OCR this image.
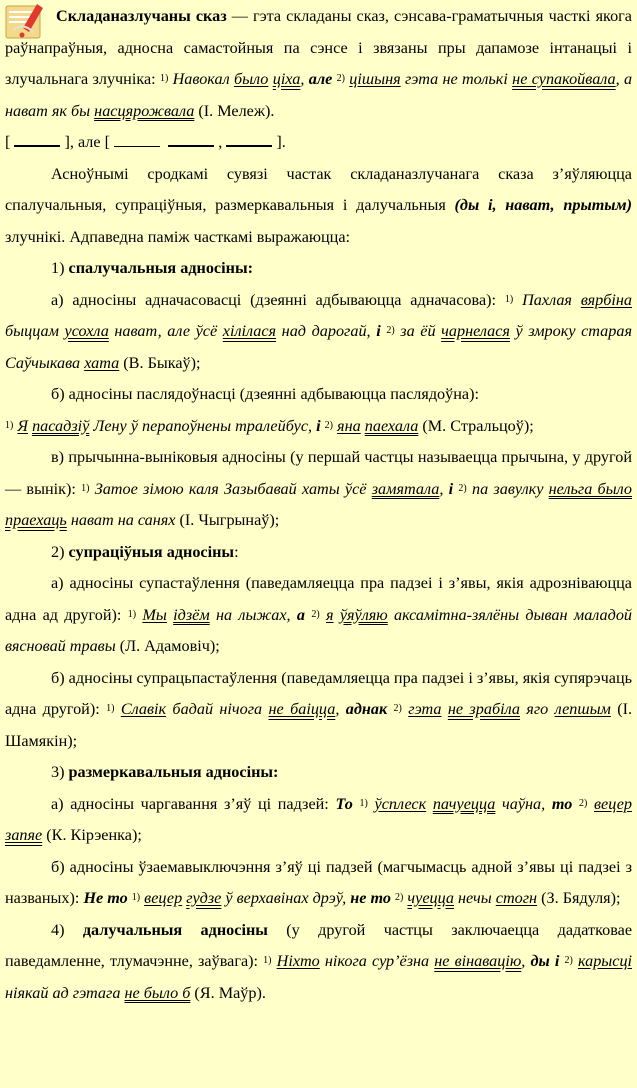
Складаназлучаны сказ — гэта складаны сказ, сэнсава-граматычныя часткі якога раўнапраўныя, адносна самастойныя па сэнсе і звязаны пры дапамозе інтанацыі і злучальнага злучніка: $^{1)}$ Навокал было ціха, але $^{2)}$ цішыня гэта не толькі не супакойвала, а нават як бы насцярожвала (І. Мележ).
[	], але [	,	].

Асноўнымі сродкамі сувязі частак складаназлучанага сказа з’яўляюцца спалучальныя, супраціўныя, размеркавальныя і далучальныя (ды і, нават, прытым) злучнікі. Адпаведна паміж часткамі выражаюцца:

1) спалучальныя адносіны:

а) адносіны адначасовасці (дзеянні адбываюцца адначасова): $^{1)}$ Пахлая вярбіна быццам усохла нават, але ўсё хілілася над дарогай, і $^{2)}$ за ёй чарнелася ў змроку старая Саўчыкава хата (В. Быкаў);

б) адносіны паслядоўнасці (дзеянні адбываюцца паслядоўна):
$^{1)}$ Я пасадзіў Лену ў перапоўнены тралейбус, і $^{2)}$ яна паехала (М. Стральцоў);

в) прычынна-выніковыя адносіны (у першай частцы называецца прычына, у другой — вынік): $^{1)}$ Затое зімою каля Зазыбавай хаты ўсё замятала, і $^{2)}$ па завулку нельга было праехаць нават на санях (І. Чыгрынаў);

2) супраціўныя адносіны:

а) адносіны супастаўлення (паведамляецца пра падзеі і з’явы, якія адрозніваюцца адна ад другой): $^{1)}$ Мы ідзём на лыжах, а $^{2)}$ я ўяўляю аксамітна-зялёны дыван маладой вясновай травы (Л. Адамовіч);

б) адносіны супрацьпастаўлення (паведамляецца пра падзеі і з’явы, якія супярэчаць адна другой): $^{1)}$ Славік бадай нічога не баіцца, аднак $^{2)}$ гэта не зрабіла яго лепшым (І. Шамякін);

3) размеркавальныя адносіны:

а) адносіны чаргавання з’яў ці падзей: То $^{1)}$ ўсплеск пачуецца чаўна, то $^{2)}$ вецер запяе (К. Кірэенка);

б) адносіны ўзаемавыключэння з’яў ці падзей (магчымасць адной з’явы ці падзеі з названых): Не то $^{1)}$ вецер гудзе ў верхавінах дрэў, не то $^{2)}$ чуецца нечы стогн (З. Бядуля);

4) далучальныя адносіны (у другой частцы заключаецца дадатковае паведамленне, тлумачэнне, заўвага): $^{1)}$ Ніхто нікога сур’ёзна не вінавацію, ды і $^{2)}$ карысці ніякай ад гэтага не было б (Я. Маўр).
